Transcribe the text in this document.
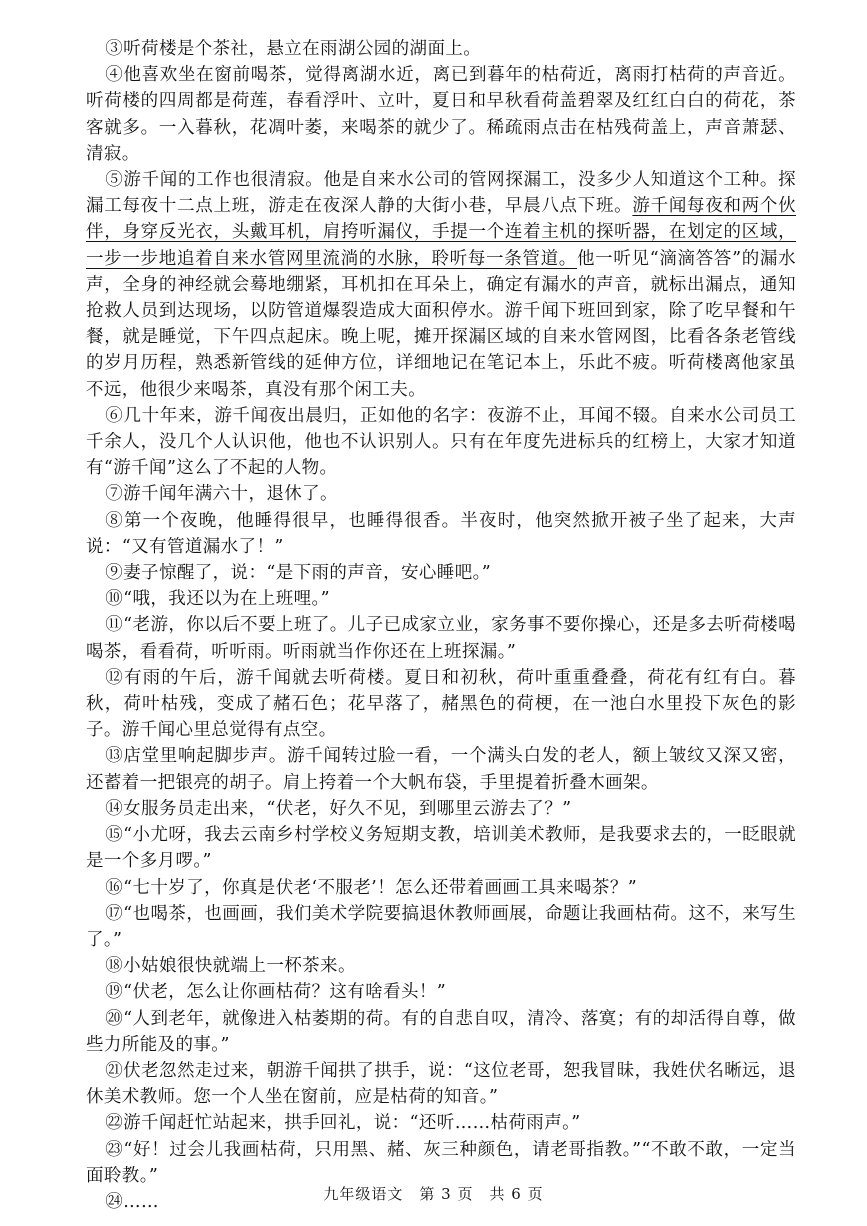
③听荷楼是个茶社，悬立在雨湖公园的湖面上。

④他喜欢坐在窗前喝茶，觉得离湖水近，离已到暮年的枯荷近，离雨打枯荷的声音近。听荷楼的四周都是荷莲，春看浮叶、立叶，夏日和早秋看荷盖碧翠及红红白白的荷花，茶客就多。一入暮秋，花凋叶萎，来喝茶的就少了。稀疏雨点击在枯残荷盖上，声音萧瑟、清寂。

⑤游千闻的工作也很清寂。他是自来水公司的管网探漏工，没多少人知道这个工种。探漏工每夜十二点上班，游走在夜深人静的大街小巷，早晨八点下班。游千闻每夜和两个伙伴，身穿反光衣，头戴耳机，肩挎听漏仪，手提一个连着主机的探听器，在划定的区域，一步一步地追着自来水管网里流淌的水脉，聆听每一条管道。他一听见“滴滴答答”的漏水声，全身的神经就会蓦地绷紧，耳机扣在耳朵上，确定有漏水的声音，就标出漏点，通知抢救人员到达现场，以防管道爆裂造成大面积停水。游千闻下班回到家，除了吃早餐和午餐，就是睡觉，下午四点起床。晚上呢，摊开探漏区域的自来水管网图，比看各条老管线的岁月历程，熟悉新管线的延伸方位，详细地记在笔记本上，乐此不疲。听荷楼离他家虽不远，他很少来喝茶，真没有那个闲工夫。

⑥几十年来，游千闻夜出晨归，正如他的名字：夜游不止，耳闻不辍。自来水公司员工千余人，没几个人认识他，他也不认识别人。只有在年度先进标兵的红榜上，大家才知道有“游千闻”这么了不起的人物。

⑦游千闻年满六十，退休了。

⑧第一个夜晚，他睡得很早，也睡得很香。半夜时，他突然掀开被子坐了起来，大声说：“又有管道漏水了！”

⑨妻子惊醒了，说：“是下雨的声音，安心睡吧。”

⑩“哦，我还以为在上班哩。”

⑪“老游，你以后不要上班了。儿子已成家立业，家务事不要你操心，还是多去听荷楼喝喝茶，看看荷，听听雨。听雨就当作你还在上班探漏。”

⑫有雨的午后，游千闻就去听荷楼。夏日和初秋，荷叶重重叠叠，荷花有红有白。暮秋，荷叶枯残，变成了赭石色；花早落了，赭黑色的荷梗，在一池白水里投下灰色的影子。游千闻心里总觉得有点空。

⑬店堂里响起脚步声。游千闻转过脸一看，一个满头白发的老人，额上皱纹又深又密，还蓄着一把银亮的胡子。肩上挎着一个大帆布袋，手里提着折叠木画架。

⑭女服务员走出来，“伏老，好久不见，到哪里云游去了？”

⑮“小尤呀，我去云南乡村学校义务短期支教，培训美术教师，是我要求去的，一眨眼就是一个多月啰。”

⑯“七十岁了，你真是伏老‘不服老’！怎么还带着画画工具来喝茶？”

⑰“也喝茶，也画画，我们美术学院要搞退休教师画展，命题让我画枯荷。这不，来写生了。”

⑱小姑娘很快就端上一杯茶来。

⑲“伏老，怎么让你画枯荷？这有啥看头！”

⑳“人到老年，就像进入枯萎期的荷。有的自悲自叹，清冷、落寞；有的却活得自尊，做些力所能及的事。”

㉑伏老忽然走过来，朝游千闻拱了拱手，说：“这位老哥，恕我冒昧，我姓伏名晰远，退休美术教师。您一个人坐在窗前，应是枯荷的知音。”

㉒游千闻赶忙站起来，拱手回礼，说：“还听……枯荷雨声。”

㉓“好！过会儿我画枯荷，只用黑、赭、灰三种颜色，请老哥指教。”“不敢不敢，一定当面聆教。”

㉔……	九年级语文　第 3 页　共 6 页
